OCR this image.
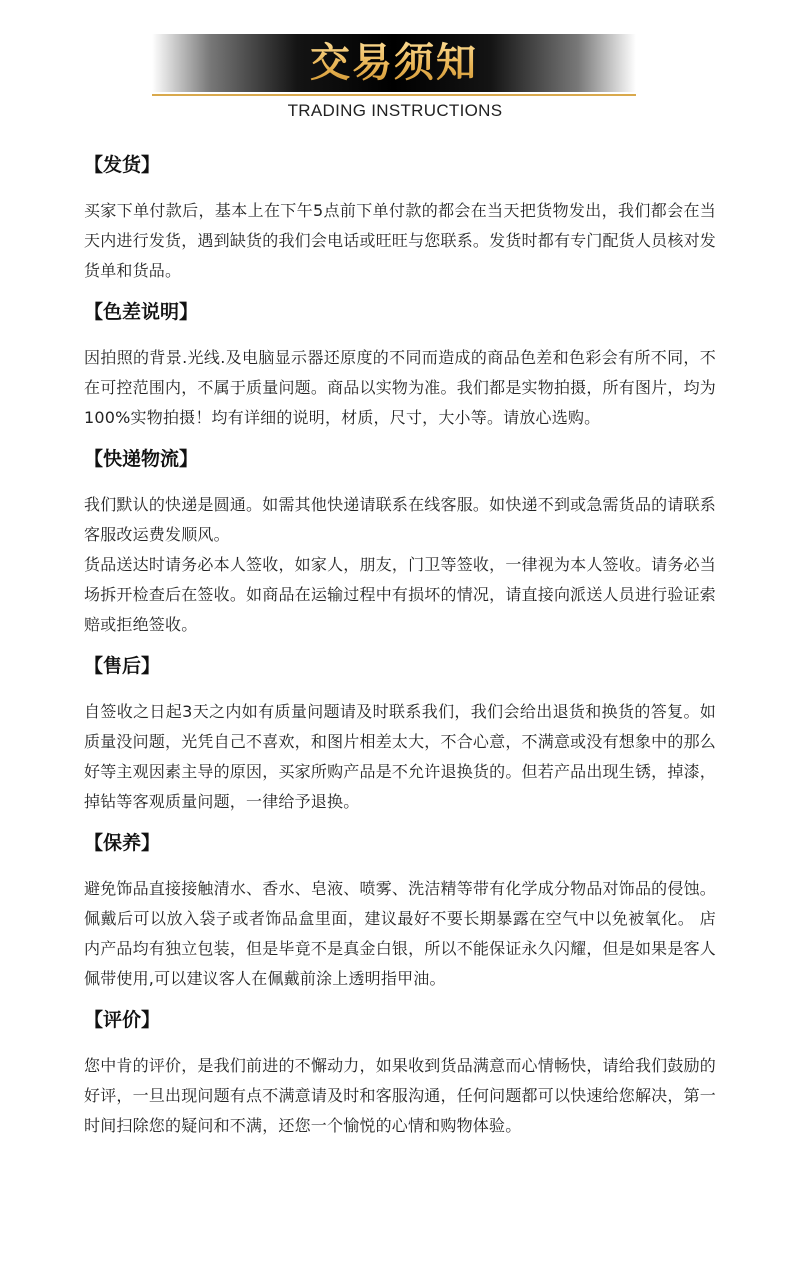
交易须知
TRADING INSTRUCTIONS
【发货】

买家下单付款后，基本上在下午5点前下单付款的都会在当天把货物发出，我们都会在当天内进行发货，遇到缺货的我们会电话或旺旺与您联系。发货时都有专门配货人员核对发货单和货品。

【色差说明】

因拍照的背景.光线.及电脑显示器还原度的不同而造成的商品色差和色彩会有所不同，不在可控范围内，不属于质量问题。商品以实物为准。我们都是实物拍摄，所有图片，均为100%实物拍摄！均有详细的说明，材质，尺寸，大小等。请放心选购。

【快递物流】

我们默认的快递是圆通。如需其他快递请联系在线客服。如快递不到或急需货品的请联系客服改运费发顺风。

货品送达时请务必本人签收，如家人，朋友，门卫等签收，一律视为本人签收。请务必当场拆开检查后在签收。如商品在运输过程中有损坏的情况，请直接向派送人员进行验证索赔或拒绝签收。

【售后】

自签收之日起3天之内如有质量问题请及时联系我们，我们会给出退货和换货的答复。如质量没问题，光凭自己不喜欢，和图片相差太大，不合心意，不满意或没有想象中的那么好等主观因素主导的原因，买家所购产品是不允许退换货的。但若产品出现生锈，掉漆，掉钻等客观质量问题，一律给予退换。

【保养】

避免饰品直接接触清水、香水、皂液、喷雾、洗洁精等带有化学成分物品对饰品的侵蚀。佩戴后可以放入袋子或者饰品盒里面，建议最好不要长期暴露在空气中以免被氧化。 店内产品均有独立包装，但是毕竟不是真金白银，所以不能保证永久闪耀，但是如果是客人佩带使用,可以建议客人在佩戴前涂上透明指甲油。

【评价】

您中肯的评价，是我们前进的不懈动力，如果收到货品满意而心情畅快，请给我们鼓励的好评，一旦出现问题有点不满意请及时和客服沟通，任何问题都可以快速给您解决，第一时间扫除您的疑问和不满，还您一个愉悦的心情和购物体验。
